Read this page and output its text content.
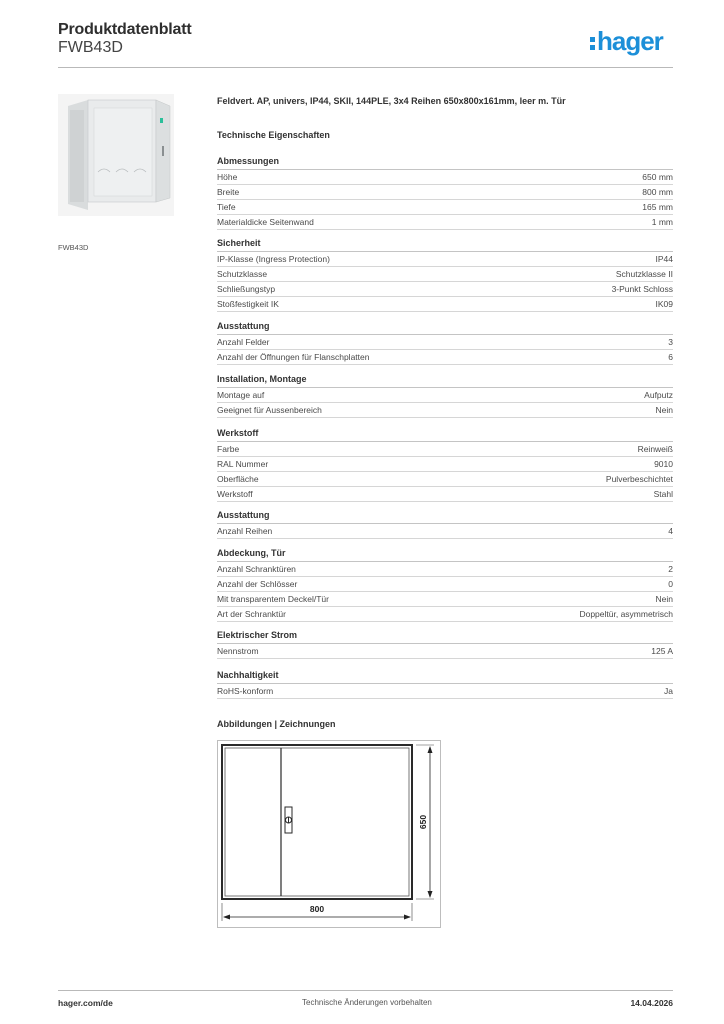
Produktdatenblatt
FWB43D	hager
FWB43D
Feldvert. AP, univers, IP44, SKII, 144PLE, 3x4 Reihen 650x800x161mm, leer m. Tür
Technische Eigenschaften
Abmessungen
Höhe	650 mm
Breite	800 mm
Tiefe	165 mm
Materialdicke Seitenwand	1 mm
Sicherheit
IP-Klasse (Ingress Protection)	IP44
Schutzklasse	Schutzklasse II
Schließungstyp	3-Punkt Schloss
Stoßfestigkeit IK	IK09
Ausstattung
Anzahl Felder	3
Anzahl der Öffnungen für Flanschplatten	6
Installation, Montage
Montage auf	Aufputz
Geeignet für Aussenbereich	Nein
Werkstoff
Farbe	Reinweiß
RAL Nummer	9010
Oberfläche	Pulverbeschichtet
Werkstoff	Stahl
Ausstattung
Anzahl Reihen	4
Abdeckung, Tür
Anzahl Schranktüren	2
Anzahl der Schlösser	0
Mit transparentem Deckel/Tür	Nein
Art der Schranktür	Doppeltür, asymmetrisch
Elektrischer Strom
Nennstrom	125 A
Nachhaltigkeit
RoHS-konform	Ja
Abbildungen | Zeichnungen
800
650
hager.com/de	Technische Änderungen vorbehalten	14.04.2026
